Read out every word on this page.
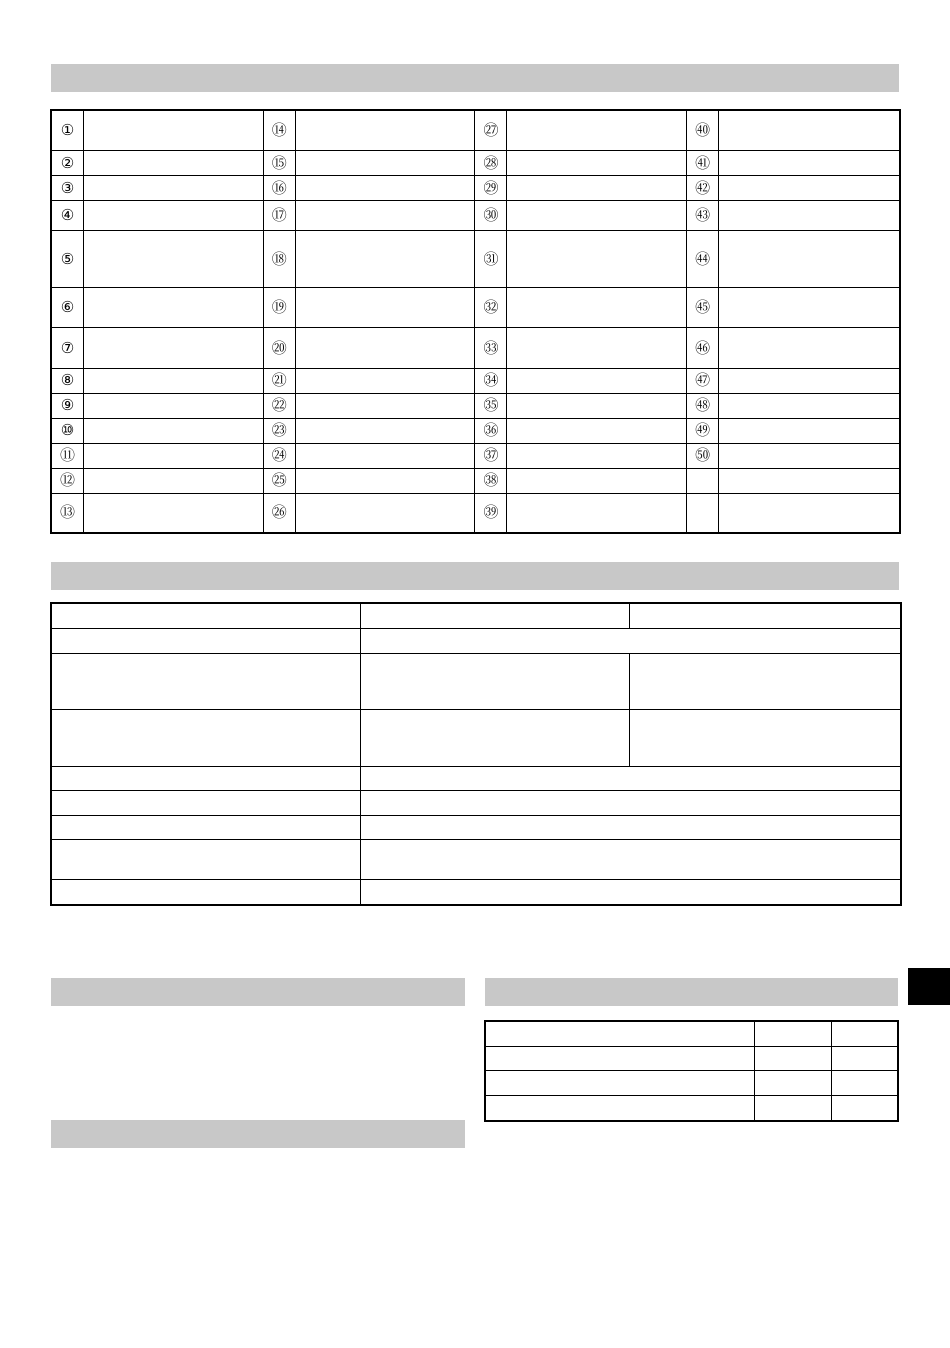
①		⑭		㉗		㊵	
②		⑮		㉘		㊶	
③		⑯		㉙		㊷	
④		⑰		㉚		㊸	
⑤		⑱		㉛		㊹	
⑥		⑲		㉜		㊺	
⑦		⑳		㉝		㊻	
⑧		㉑		㉞		㊼	
⑨		㉒		㉟		㊽	
⑩		㉓		㊱		㊾	
⑪		㉔		㊲		㊿	
⑫		㉕		㊳			
⑬		㉖		㊴			
